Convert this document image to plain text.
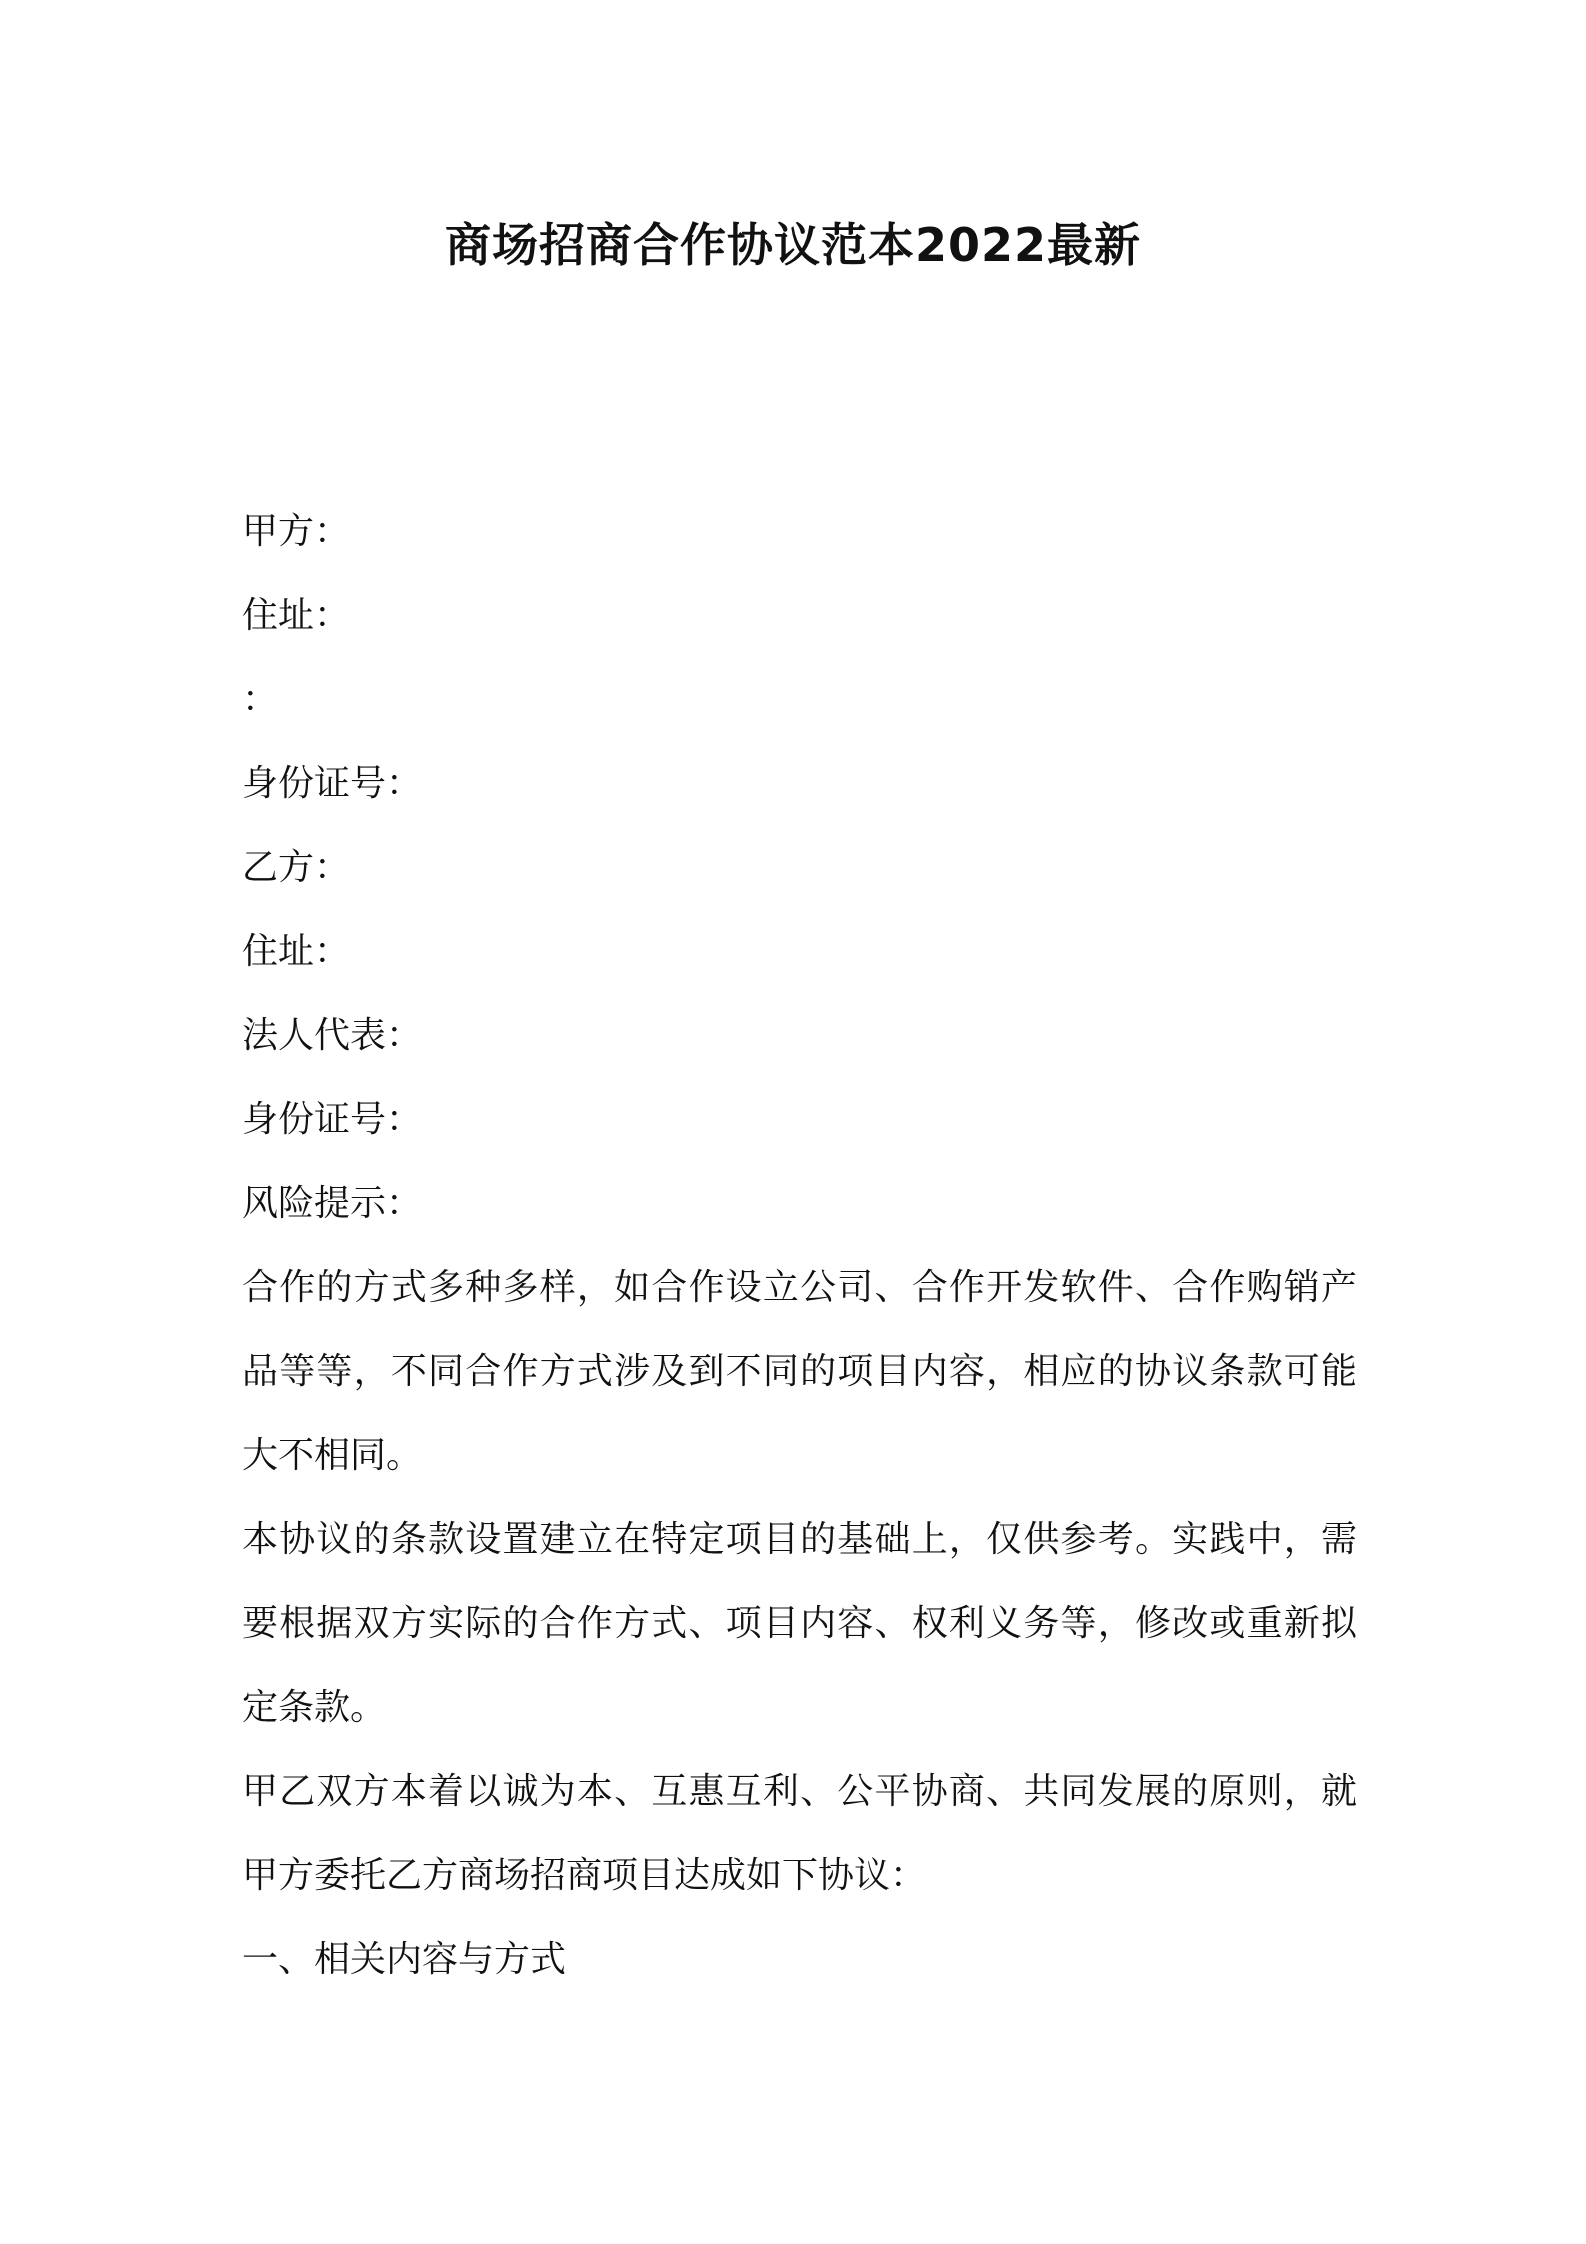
商场招商合作协议范本2022最新
甲方：
住址：
：
身份证号：
乙方：
住址：
法人代表：
身份证号：
风险提示：
合作的方式多种多样，如合作设立公司、合作开发软件、合作购销产品等等，不同合作方式涉及到不同的项目内容，相应的协议条款可能大不相同。
本协议的条款设置建立在特定项目的基础上，仅供参考。实践中，需要根据双方实际的合作方式、项目内容、权利义务等，修改或重新拟定条款。
甲乙双方本着以诚为本、互惠互利、公平协商、共同发展的原则，就甲方委托乙方商场招商项目达成如下协议：
一、相关内容与方式
